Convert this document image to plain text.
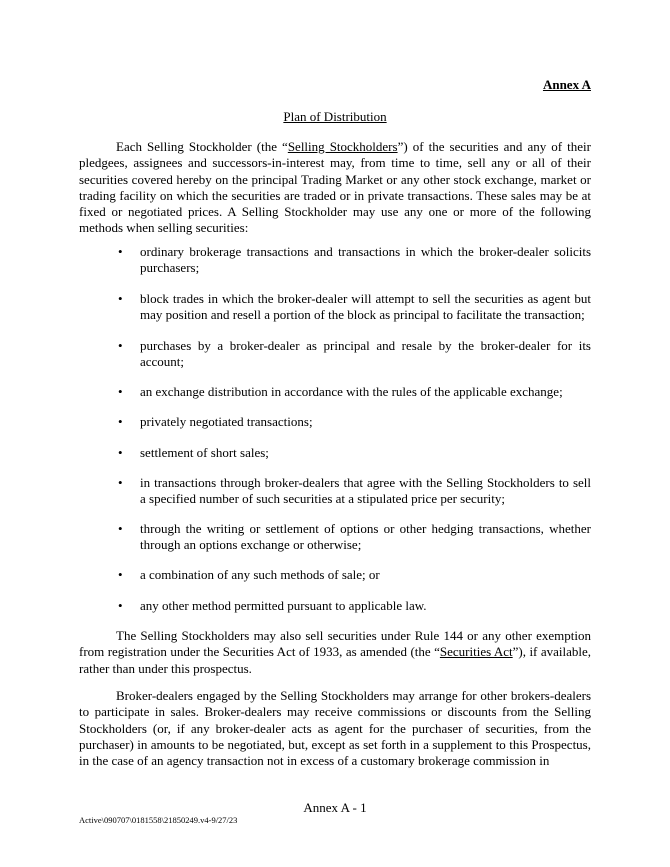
Annex A
Plan of Distribution

Each Selling Stockholder (the “Selling Stockholders”) of the securities and any of their pledgees, assignees and successors-in-interest may, from time to time, sell any or all of their securities covered hereby on the principal Trading Market or any other stock exchange, market or trading facility on which the securities are traded or in private transactions. These sales may be at fixed or negotiated prices. A Selling Stockholder may use any one or more of the following methods when selling securities:

• ordinary brokerage transactions and transactions in which the broker-dealer solicits purchasers;
• block trades in which the broker-dealer will attempt to sell the securities as agent but may position and resell a portion of the block as principal to facilitate the transaction;
• purchases by a broker-dealer as principal and resale by the broker-dealer for its account;
• an exchange distribution in accordance with the rules of the applicable exchange;
• privately negotiated transactions;
• settlement of short sales;
• in transactions through broker-dealers that agree with the Selling Stockholders to sell a specified number of such securities at a stipulated price per security;
• through the writing or settlement of options or other hedging transactions, whether through an options exchange or otherwise;
• a combination of any such methods of sale; or
• any other method permitted pursuant to applicable law.

The Selling Stockholders may also sell securities under Rule 144 or any other exemption from registration under the Securities Act of 1933, as amended (the “Securities Act”), if available, rather than under this prospectus.

Broker-dealers engaged by the Selling Stockholders may arrange for other brokers-dealers to participate in sales. Broker-dealers may receive commissions or discounts from the Selling Stockholders (or, if any broker-dealer acts as agent for the purchaser of securities, from the purchaser) in amounts to be negotiated, but, except as set forth in a supplement to this Prospectus, in the case of an agency transaction not in excess of a customary brokerage commission in

Annex A - 1
Active\090707\0181558\21850249.v4-9/27/23
